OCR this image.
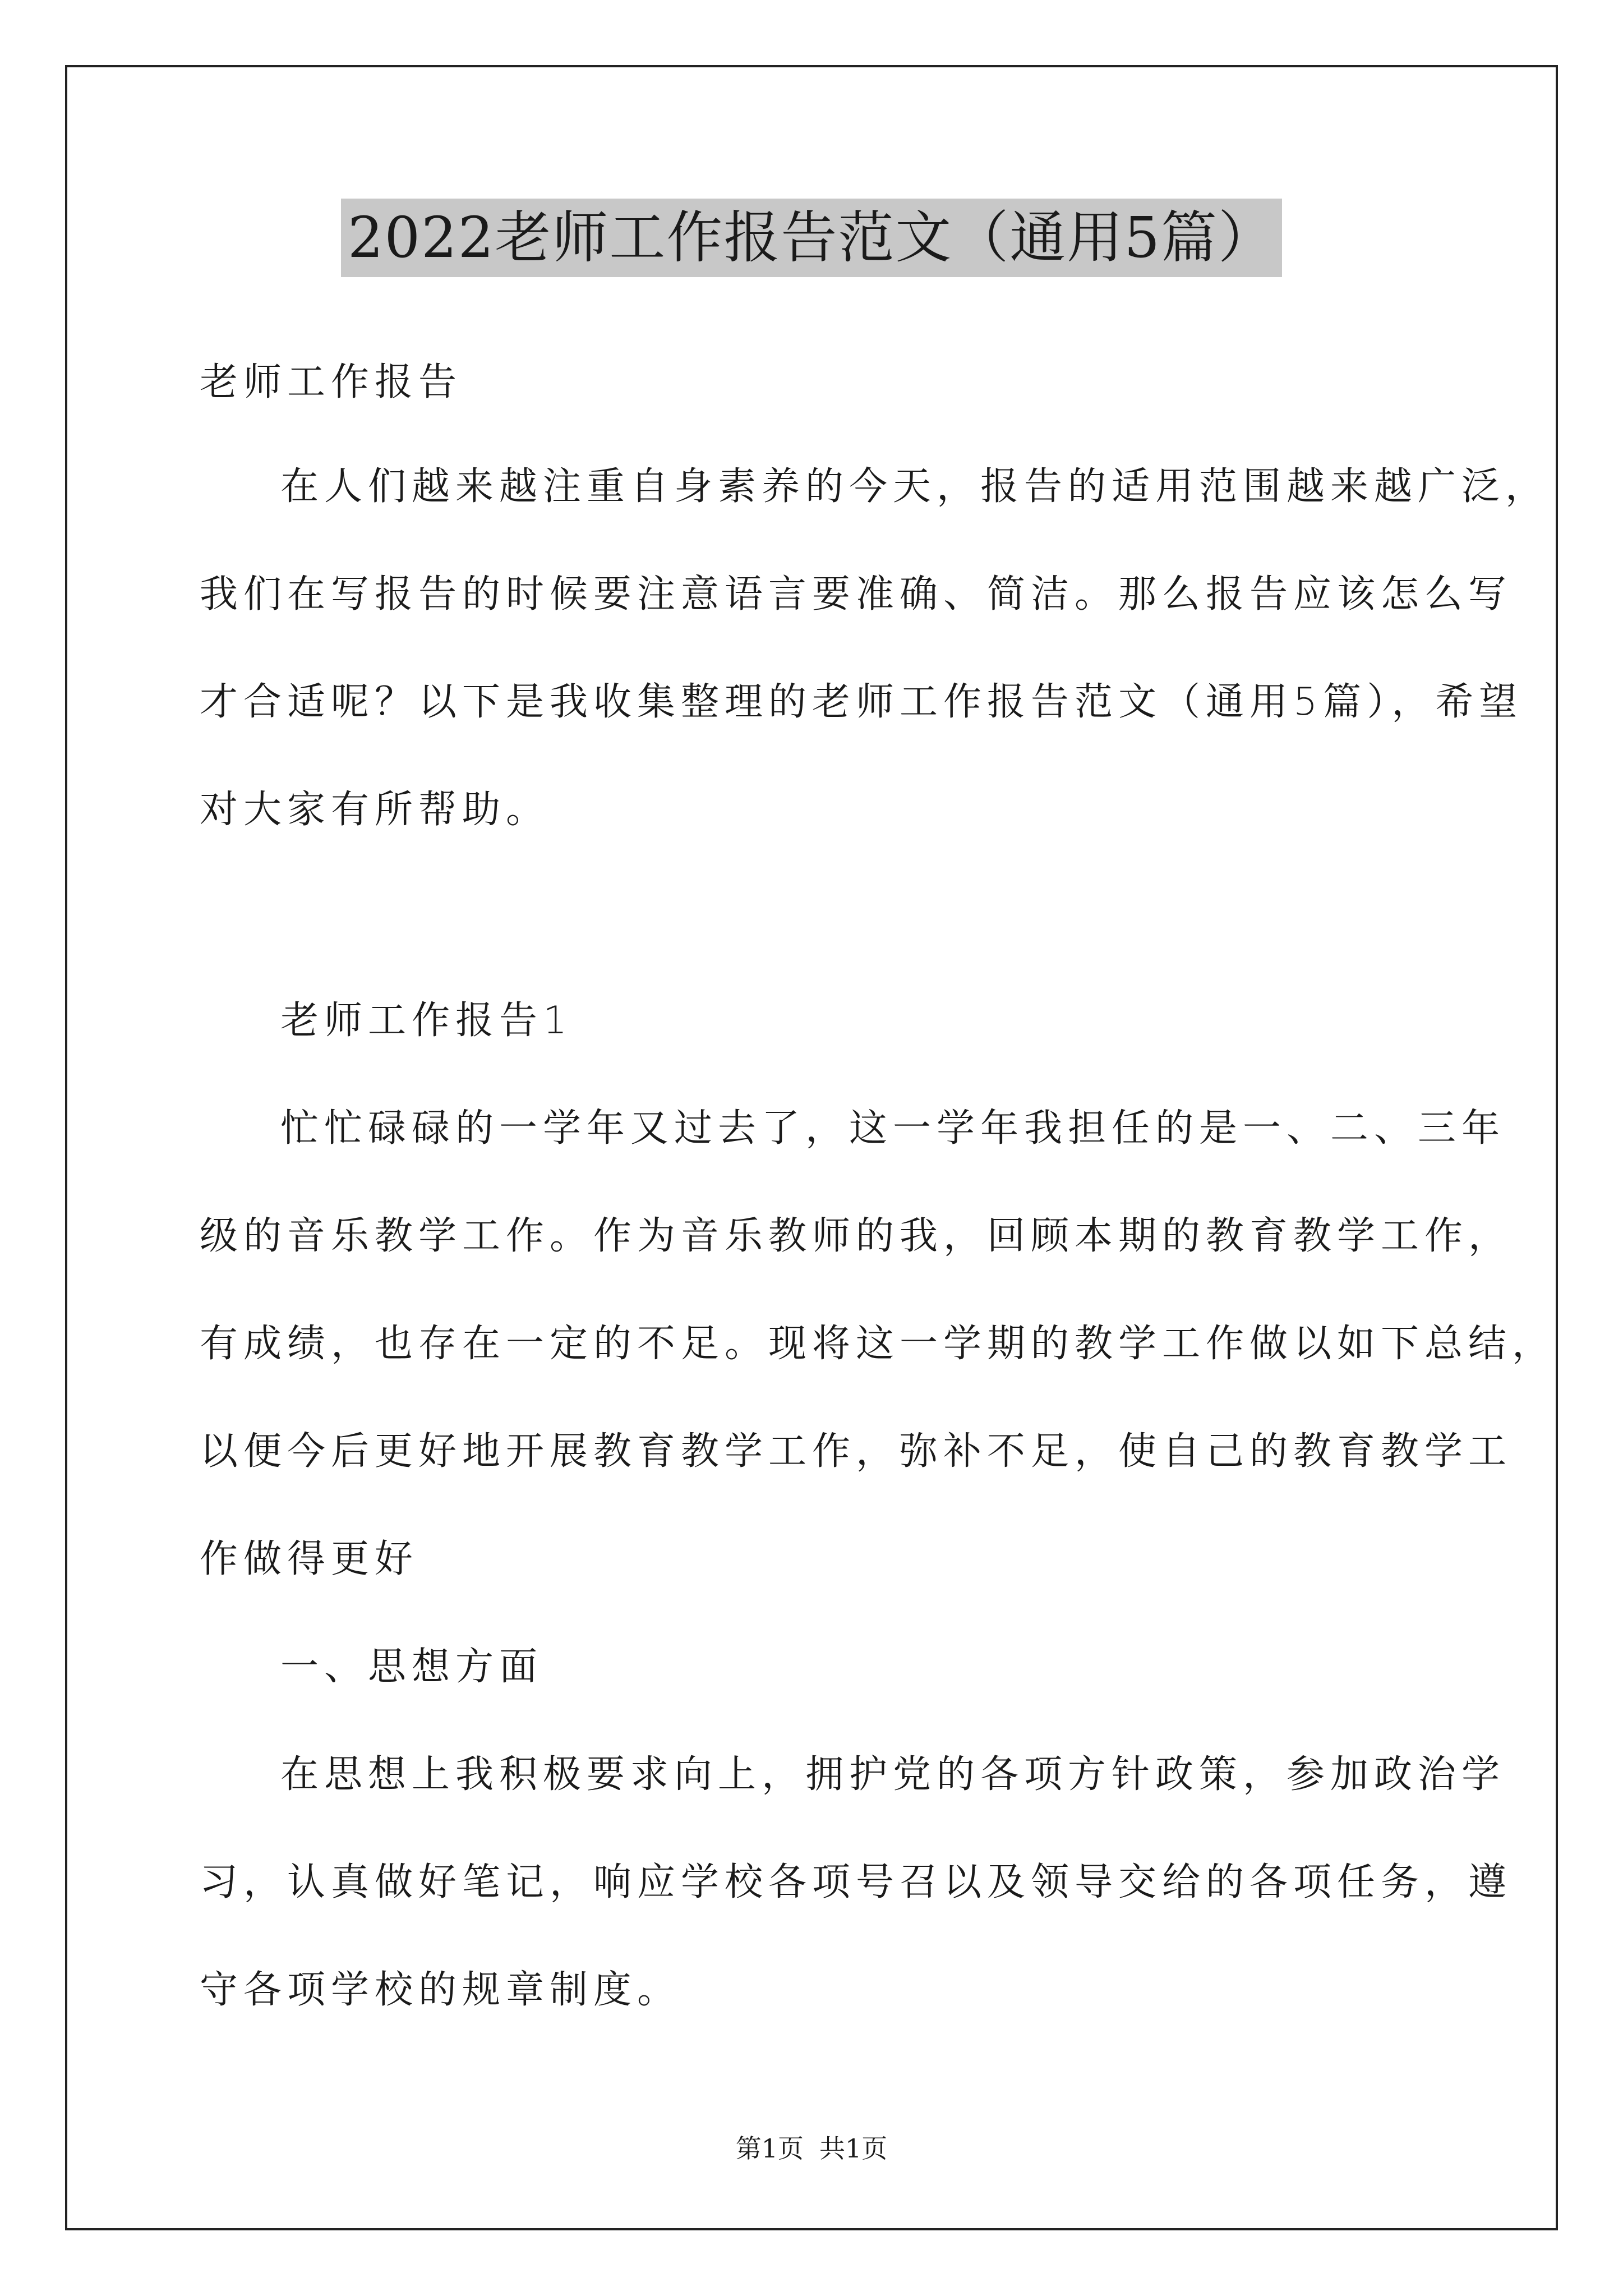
2022老师工作报告范文（通用5篇）
老师工作报告
在人们越来越注重自身素养的今天，报告的适用范围越来越广泛，
我们在写报告的时候要注意语言要准确、简洁。那么报告应该怎么写
才合适呢？以下是我收集整理的老师工作报告范文（通用5篇），希望
对大家有所帮助。
老师工作报告1
忙忙碌碌的一学年又过去了，这一学年我担任的是一、二、三年
级的音乐教学工作。作为音乐教师的我，回顾本期的教育教学工作，
有成绩，也存在一定的不足。现将这一学期的教学工作做以如下总结，
以便今后更好地开展教育教学工作，弥补不足，使自己的教育教学工
作做得更好
一、思想方面
在思想上我积极要求向上，拥护党的各项方针政策，参加政治学
习，认真做好笔记，响应学校各项号召以及领导交给的各项任务，遵
守各项学校的规章制度。
第1页 共1页
